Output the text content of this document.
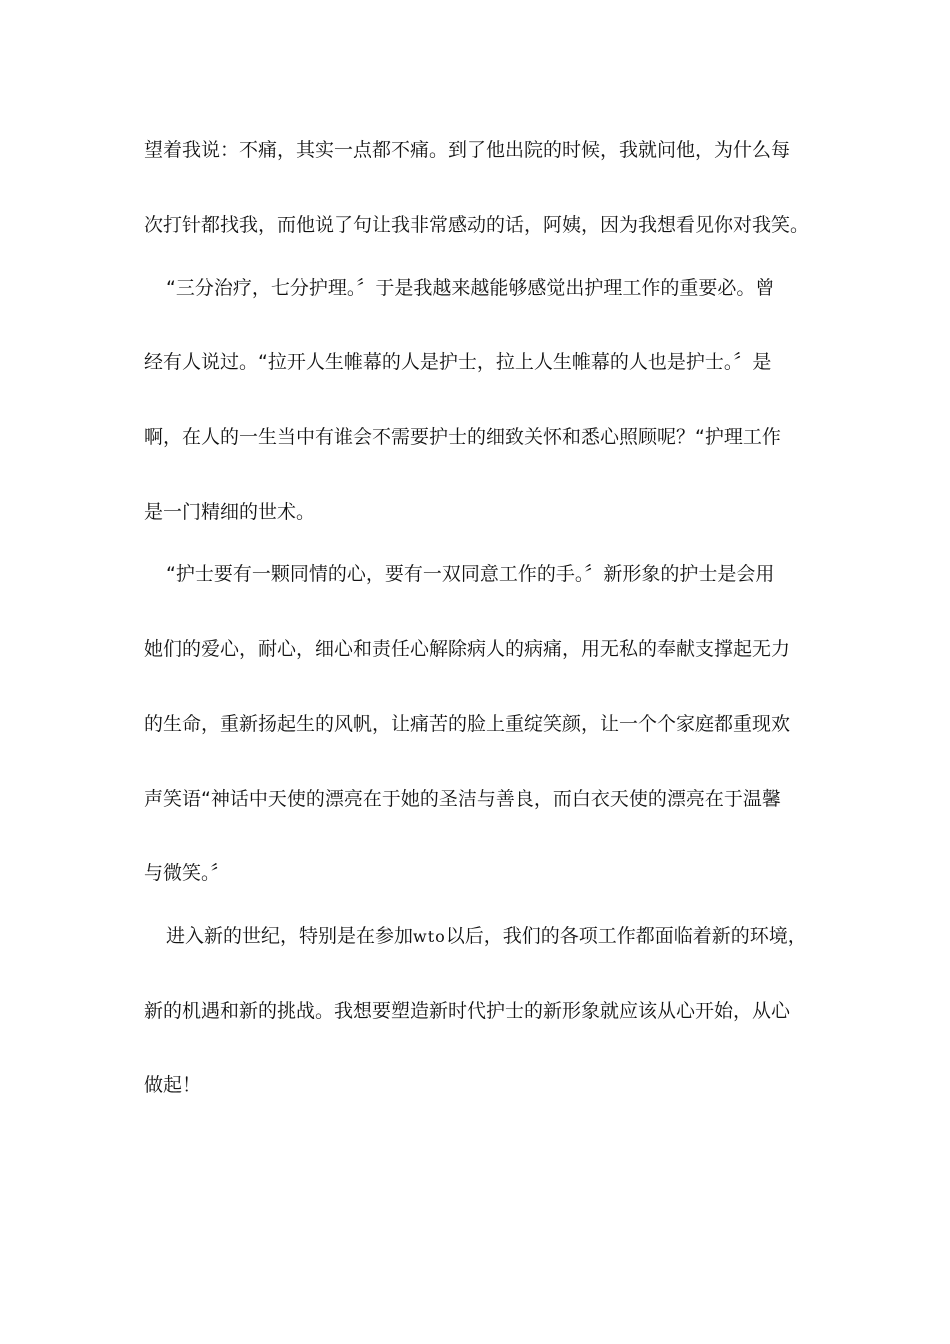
望着我说：不痛，其实一点都不痛。到了他出院的时候，我就问他，为什么每
次打针都找我，而他说了句让我非常感动的话，阿姨，因为我想看见你对我笑。
“三分治疗，七分护理。〞于是我越来越能够感觉出护理工作的重要必。曾
经有人说过。“拉开人生帷幕的人是护士，拉上人生帷幕的人也是护士。〞是
啊，在人的一生当中有谁会不需要护士的细致关怀和悉心照顾呢？“护理工作
是一门精细的世术。
“护士要有一颗同情的心，要有一双同意工作的手。〞新形象的护士是会用
她们的爱心，耐心，细心和责任心解除病人的病痛，用无私的奉献支撑起无力
的生命，重新扬起生的风帆，让痛苦的脸上重绽笑颜，让一个个家庭都重现欢
声笑语“神话中天使的漂亮在于她的圣洁与善良，而白衣天使的漂亮在于温馨
与微笑。〞
进入新的世纪，特别是在参加wto以后，我们的各项工作都面临着新的环境，
新的机遇和新的挑战。我想要塑造新时代护士的新形象就应该从心开始，从心
做起！
